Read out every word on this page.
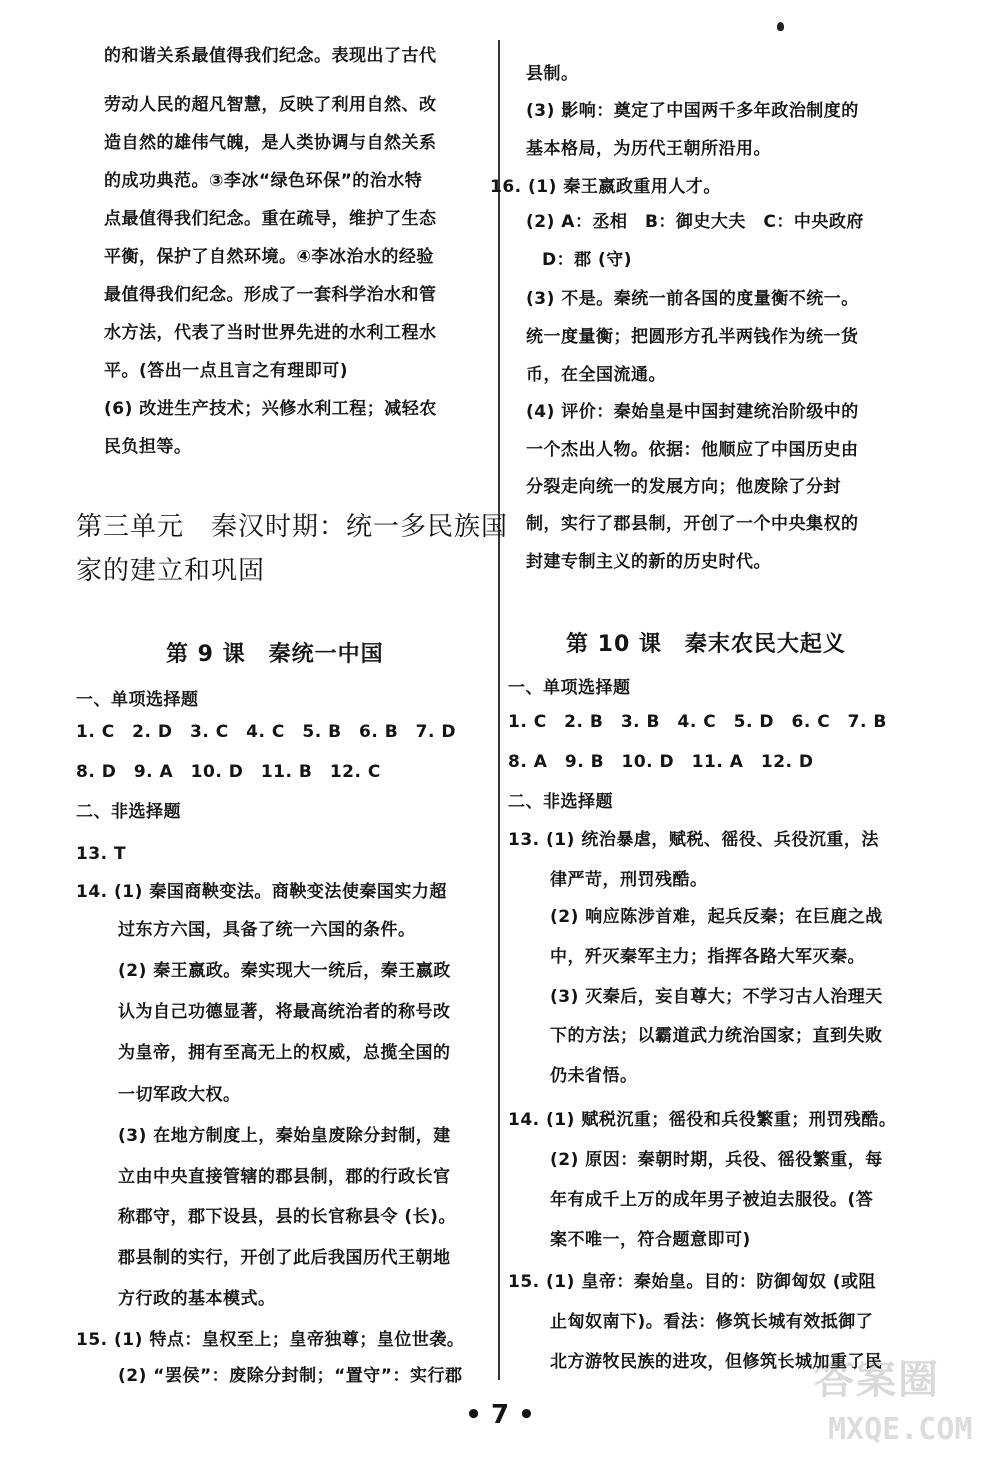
的和谐关系最值得我们纪念。表现出了古代
劳动人民的超凡智慧，反映了利用自然、改
造自然的雄伟气魄，是人类协调与自然关系
的成功典范。③李冰“绿色环保”的治水特
点最值得我们纪念。重在疏导，维护了生态
平衡，保护了自然环境。④李冰治水的经验
最值得我们纪念。形成了一套科学治水和管
水方法，代表了当时世界先进的水利工程水
平。(答出一点且言之有理即可)
(6) 改进生产技术；兴修水利工程；减轻农
民负担等。
第三单元　秦汉时期：统一多民族国
家的建立和巩固
第 9 课　秦统一中国
一、单项选择题
1. C　2. D　3. C　4. C　5. B　6. B　7. D
8. D　9. A　10. D　11. B　12. C
二、非选择题
13. T
14. (1) 秦国商鞅变法。商鞅变法使秦国实力超
过东方六国，具备了统一六国的条件。
(2) 秦王嬴政。秦实现大一统后，秦王嬴政
认为自己功德显著，将最高统治者的称号改
为皇帝，拥有至高无上的权威，总揽全国的
一切军政大权。
(3) 在地方制度上，秦始皇废除分封制，建
立由中央直接管辖的郡县制，郡的行政长官
称郡守，郡下设县，县的长官称县令 (长)。
郡县制的实行，开创了此后我国历代王朝地
方行政的基本模式。
15. (1) 特点：皇权至上；皇帝独尊；皇位世袭。
(2) “罢侯”：废除分封制；“置守”：实行郡
县制。
(3) 影响：奠定了中国两千多年政治制度的
基本格局，为历代王朝所沿用。
16. (1) 秦王嬴政重用人才。
(2) A：丞相　B：御史大夫　C：中央政府
D：郡 (守)
(3) 不是。秦统一前各国的度量衡不统一。
统一度量衡；把圆形方孔半两钱作为统一货
币，在全国流通。
(4) 评价：秦始皇是中国封建统治阶级中的
一个杰出人物。依据：他顺应了中国历史由
分裂走向统一的发展方向；他废除了分封
制，实行了郡县制，开创了一个中央集权的
封建专制主义的新的历史时代。
第 10 课　秦末农民大起义
一、单项选择题
1. C　2. B　3. B　4. C　5. D　6. C　7. B
8. A　9. B　10. D　11. A　12. D
二、非选择题
13. (1) 统治暴虐，赋税、徭役、兵役沉重，法
律严苛，刑罚残酷。
(2) 响应陈涉首难，起兵反秦；在巨鹿之战
中，歼灭秦军主力；指挥各路大军灭秦。
(3) 灭秦后，妄自尊大；不学习古人治理天
下的方法；以霸道武力统治国家；直到失败
仍未省悟。
14. (1) 赋税沉重；徭役和兵役繁重；刑罚残酷。
(2) 原因：秦朝时期，兵役、徭役繁重，每
年有成千上万的成年男子被迫去服役。(答
案不唯一，符合题意即可)
15. (1) 皇帝：秦始皇。目的：防御匈奴 (或阻
止匈奴南下)。看法：修筑长城有效抵御了
北方游牧民族的进攻，但修筑长城加重了民
• 7 •
答案圈
MXQE.COM
